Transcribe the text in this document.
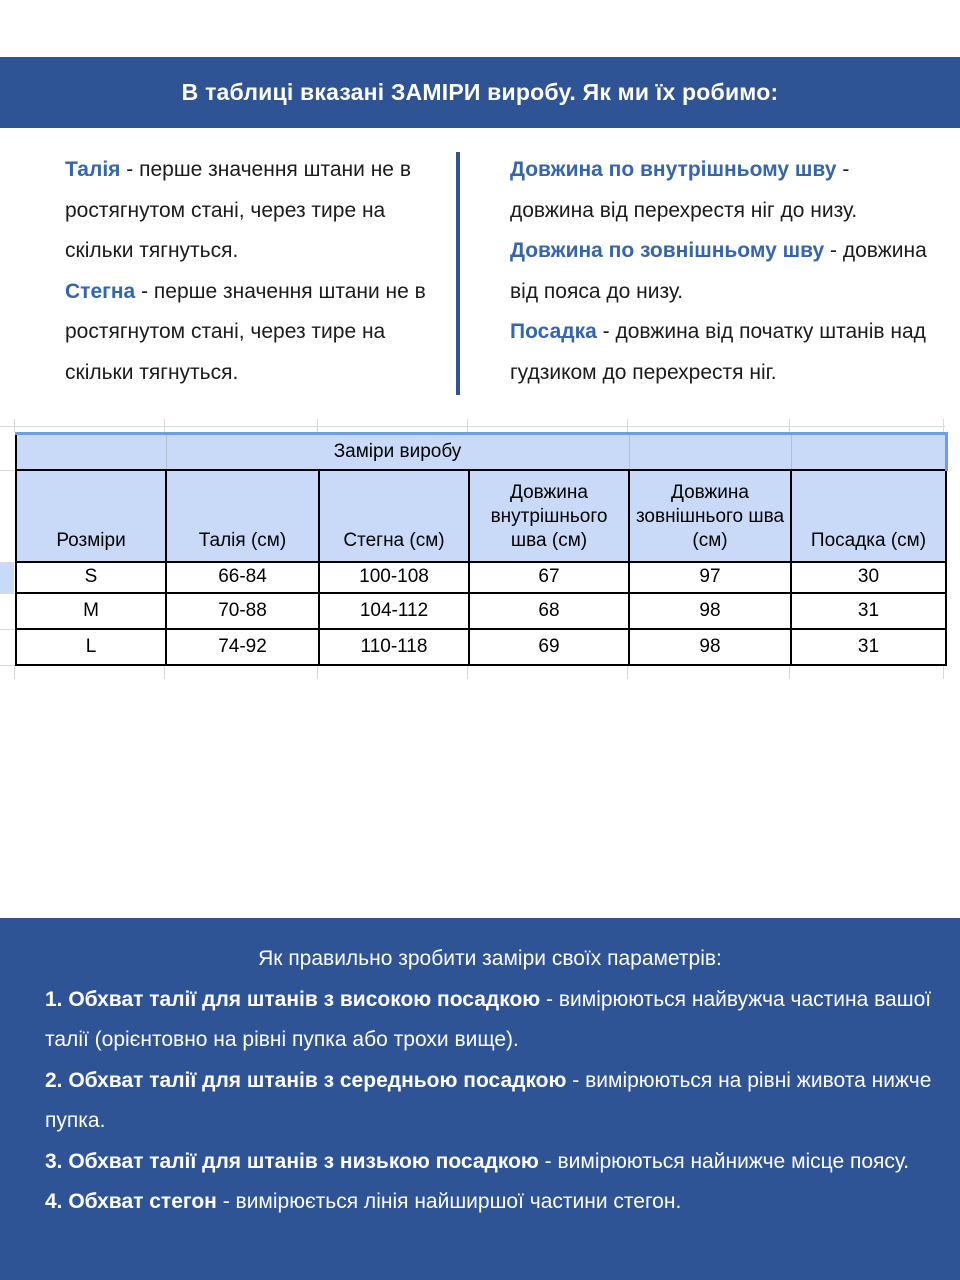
В таблиці вказані ЗАМІРИ виробу. Як ми їх робимо:

Талія - перше значення штани не в ростягнутом стані, через тире на скільки тягнуться.

Стегна - перше значення штани не в ростягнутом стані, через тире на скільки тягнуться.

Довжина по внутрішньому шву - довжина від перехрестя ніг до низу.

Довжина по зовнішньому шву - довжина від пояса до низу.

Посадка - довжина від початку штанів над гудзиком до перехрестя ніг.

	Заміри виробу				
Розміри	Талія (см)	Стегна (см)	Довжина внутрішнього шва (см)	Довжина зовнішнього шва (см)	Посадка (см)
S	66-84	100-108	67	97	30
M	70-88	104-112	68	98	31
L	74-92	110-118	69	98	31

Як правильно зробити заміри своїх параметрів:

1. Обхват талії для штанів з високою посадкою - вимірюються найвужча частина вашої талії (орієнтовно на рівні пупка або трохи вище).

2. Обхват талії для штанів з середньою посадкою - вимірюються на рівні живота нижче пупка.

3. Обхват талії для штанів з низькою посадкою - вимірюються найнижче місце поясу.

4. Обхват стегон - вимірюється лінія найширшої частини стегон.
